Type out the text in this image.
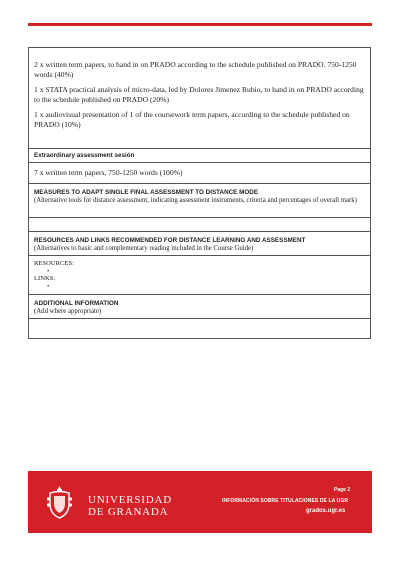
2 x written term papers, to hand in on PRADO according to the schedule published on PRADO. 750-1250 words (40%)

1 x STATA practical analysis of micro-data, led by Dolores Jimenez Rubio, to hand in on PRADO according to the schedule published on PRADO (20%)

1 x audiovisual presentation of 1 of the coursework term papers, according to the schedule published on PRADO (10%)

Extraordinary assessment sesión

7 x written term papers, 750-1250 words (100%)

MEASURES TO ADAPT SINGLE FINAL ASSESSMENT TO DISTANCE MODE

(Alternative tools for distance assessment, indicating assessment instruments, criteria and percentages of overall mark)

RESOURCES AND LINKS RECOMMENDED FOR DISTANCE LEARNING AND ASSESSMENT

(Alternatives to basic and complementary reading included in the Course Guide)

RESOURCES:

•

LINKS:

•

ADDITIONAL INFORMATION

(Add where appropriate)

UNIVERSIDAD
DE GRANADA
Page 2
INFORMACIÓN SOBRE TITULACIONES DE LA UGR
grados.ugr.es
